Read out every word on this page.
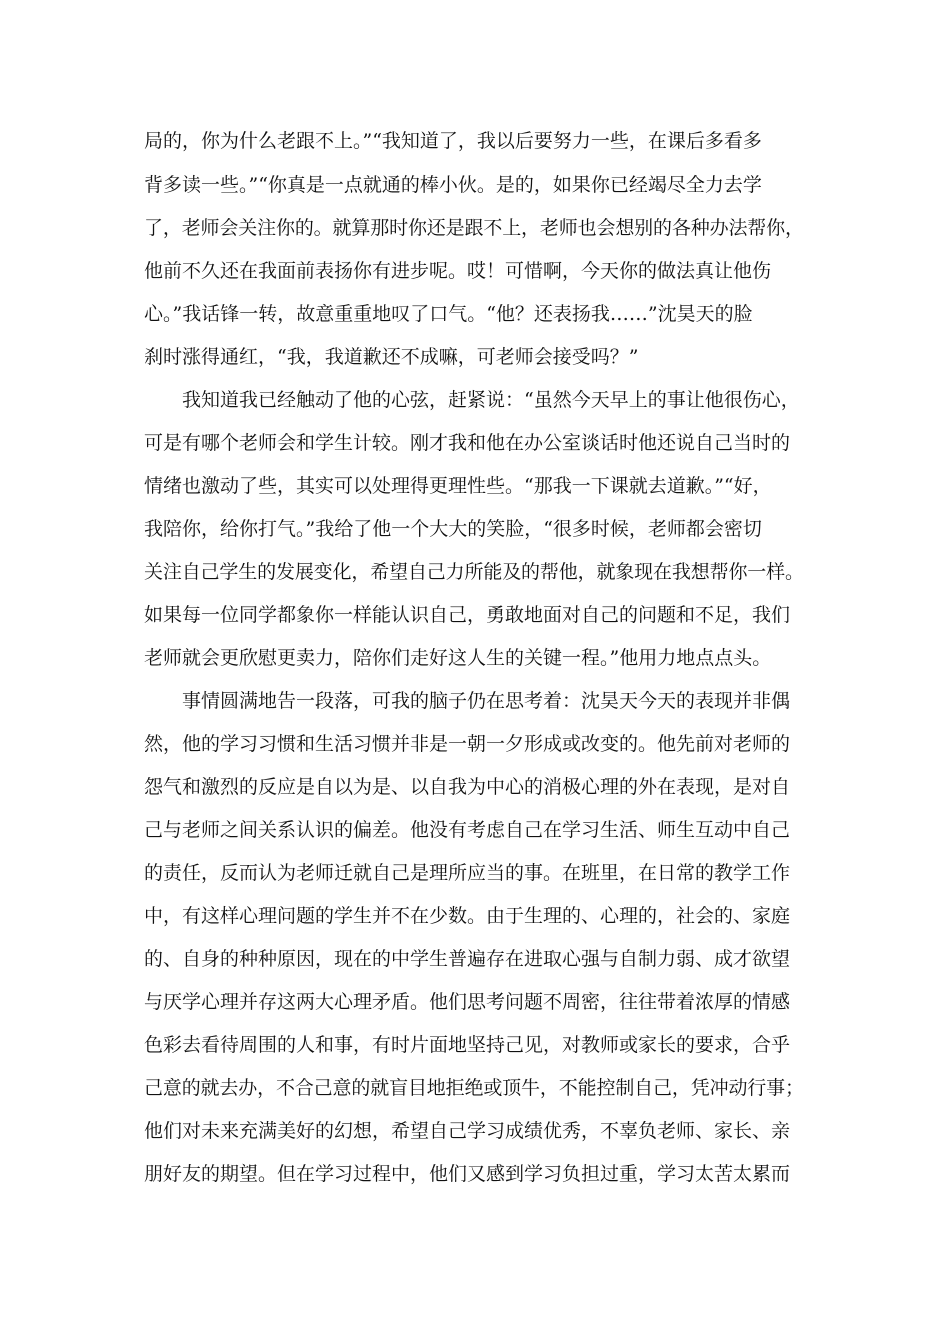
局的，你为什么老跟不上。”“我知道了，我以后要努力一些，在课后多看多
背多读一些。”“你真是一点就通的棒小伙。是的，如果你已经竭尽全力去学
了，老师会关注你的。就算那时你还是跟不上，老师也会想别的各种办法帮你，
他前不久还在我面前表扬你有进步呢。哎！可惜啊，今天你的做法真让他伤
心。”我话锋一转，故意重重地叹了口气。“他？还表扬我……”沈昊天的脸
刹时涨得通红，“我，我道歉还不成嘛，可老师会接受吗？”
我知道我已经触动了他的心弦，赶紧说：“虽然今天早上的事让他很伤心，
可是有哪个老师会和学生计较。刚才我和他在办公室谈话时他还说自己当时的
情绪也激动了些，其实可以处理得更理性些。“那我一下课就去道歉。”“好，
我陪你，给你打气。”我给了他一个大大的笑脸，“很多时候，老师都会密切
关注自己学生的发展变化，希望自己力所能及的帮他，就象现在我想帮你一样。
如果每一位同学都象你一样能认识自己，勇敢地面对自己的问题和不足，我们
老师就会更欣慰更卖力，陪你们走好这人生的关键一程。”他用力地点点头。
事情圆满地告一段落，可我的脑子仍在思考着：沈昊天今天的表现并非偶
然，他的学习习惯和生活习惯并非是一朝一夕形成或改变的。他先前对老师的
怨气和激烈的反应是自以为是、以自我为中心的消极心理的外在表现，是对自
己与老师之间关系认识的偏差。他没有考虑自己在学习生活、师生互动中自己
的责任，反而认为老师迁就自己是理所应当的事。在班里，在日常的教学工作
中，有这样心理问题的学生并不在少数。由于生理的、心理的，社会的、家庭
的、自身的种种原因，现在的中学生普遍存在进取心强与自制力弱、成才欲望
与厌学心理并存这两大心理矛盾。他们思考问题不周密，往往带着浓厚的情感
色彩去看待周围的人和事，有时片面地坚持己见，对教师或家长的要求，合乎
己意的就去办，不合己意的就盲目地拒绝或顶牛，不能控制自己，凭冲动行事；
他们对未来充满美好的幻想，希望自己学习成绩优秀，不辜负老师、家长、亲
朋好友的期望。但在学习过程中，他们又感到学习负担过重，学习太苦太累而
